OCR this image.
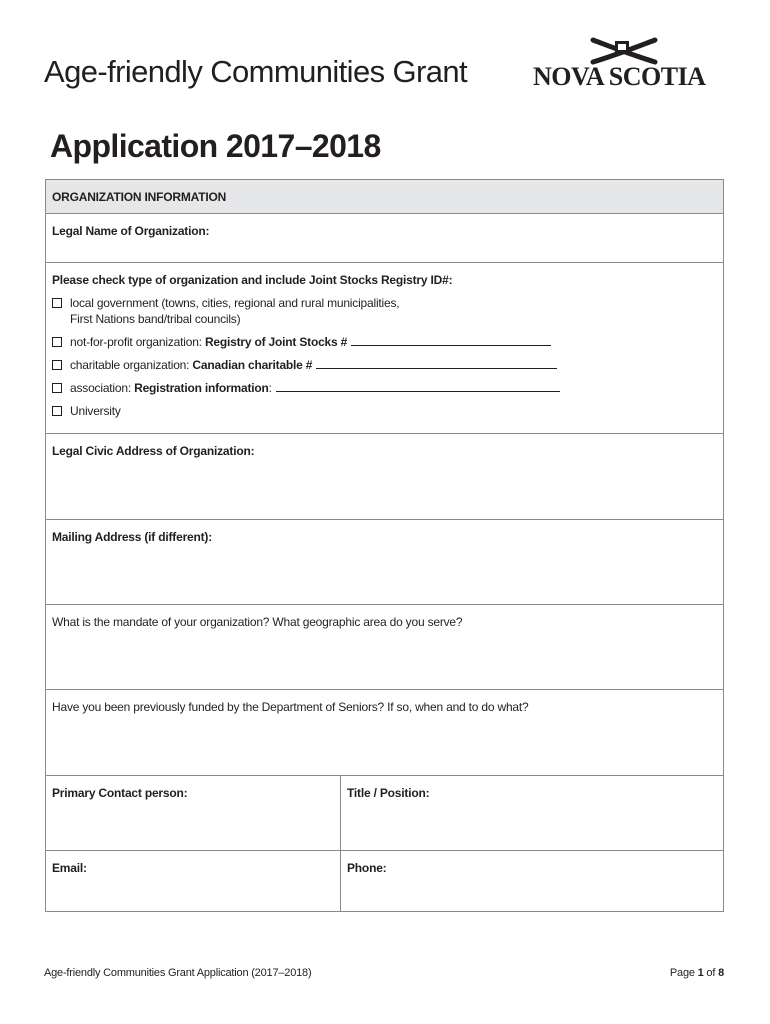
Age-friendly Communities Grant	NOVA SCOTIA
Application 2017–2018
ORGANIZATION INFORMATION
Legal Name of Organization:
Please check type of organization and include Joint Stocks Registry ID#:
local government (towns, cities, regional and rural municipalities,
First Nations band/tribal councils)
not-for-profit organization: Registry of Joint Stocks #
charitable organization: Canadian charitable #
association: Registration information:
University
Legal Civic Address of Organization:
Mailing Address (if different):
What is the mandate of your organization? What geographic area do you serve?
Have you been previously funded by the Department of Seniors? If so, when and to do what?
Primary Contact person:	Title / Position:
Email:	Phone:
Age-friendly Communities Grant Application (2017–2018)	Page 1 of 8
